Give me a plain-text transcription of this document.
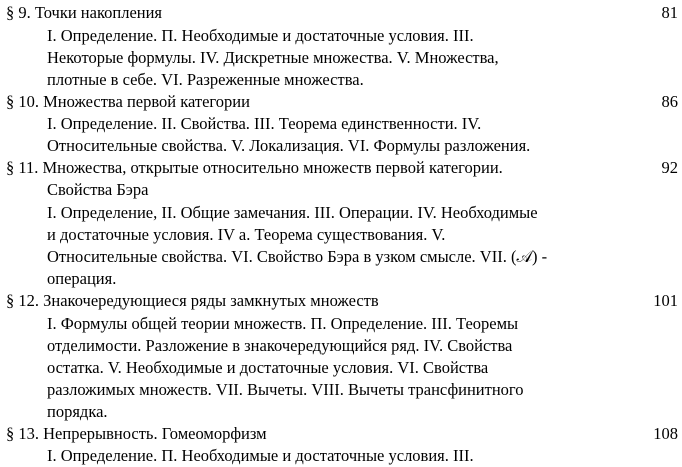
§ 9. Точки накопления	81
I. Определение. П. Необходимые и достаточные условия. III.
Некоторые формулы. IV. Дискретные множества. V. Множества,
плотные в себе. VI. Разреженные множества.
§ 10. Множества первой категории	86
I. Определение. II. Свойства. III. Теорема единственности. IV.
Относительные свойства. V. Локализация. VI. Формулы разложения.
§ 11. Множества, открытые относительно множеств первой категории.	92
Свойства Бэра
I. Определение, II. Общие замечания. III. Операции. IV. Необходимые
и достаточные условия. IV а. Теорема существования. V.
Относительные свойства. VI. Свойство Бэра в узком смысле. VII. (𝒜) -
операция.
§ 12. Знакочередующиеся ряды замкнутых множеств	101
I. Формулы общей теории множеств. П. Определение. III. Теоремы
отделимости. Разложение в знакочередующийся ряд. IV. Свойства
остатка. V. Необходимые и достаточные условия. VI. Свойства
разложимых множеств. VII. Вычеты. VIII. Вычеты трансфинитного
порядка.
§ 13. Непрерывность. Гомеоморфизм	108
I. Определение. П. Необходимые и достаточные условия. III.
